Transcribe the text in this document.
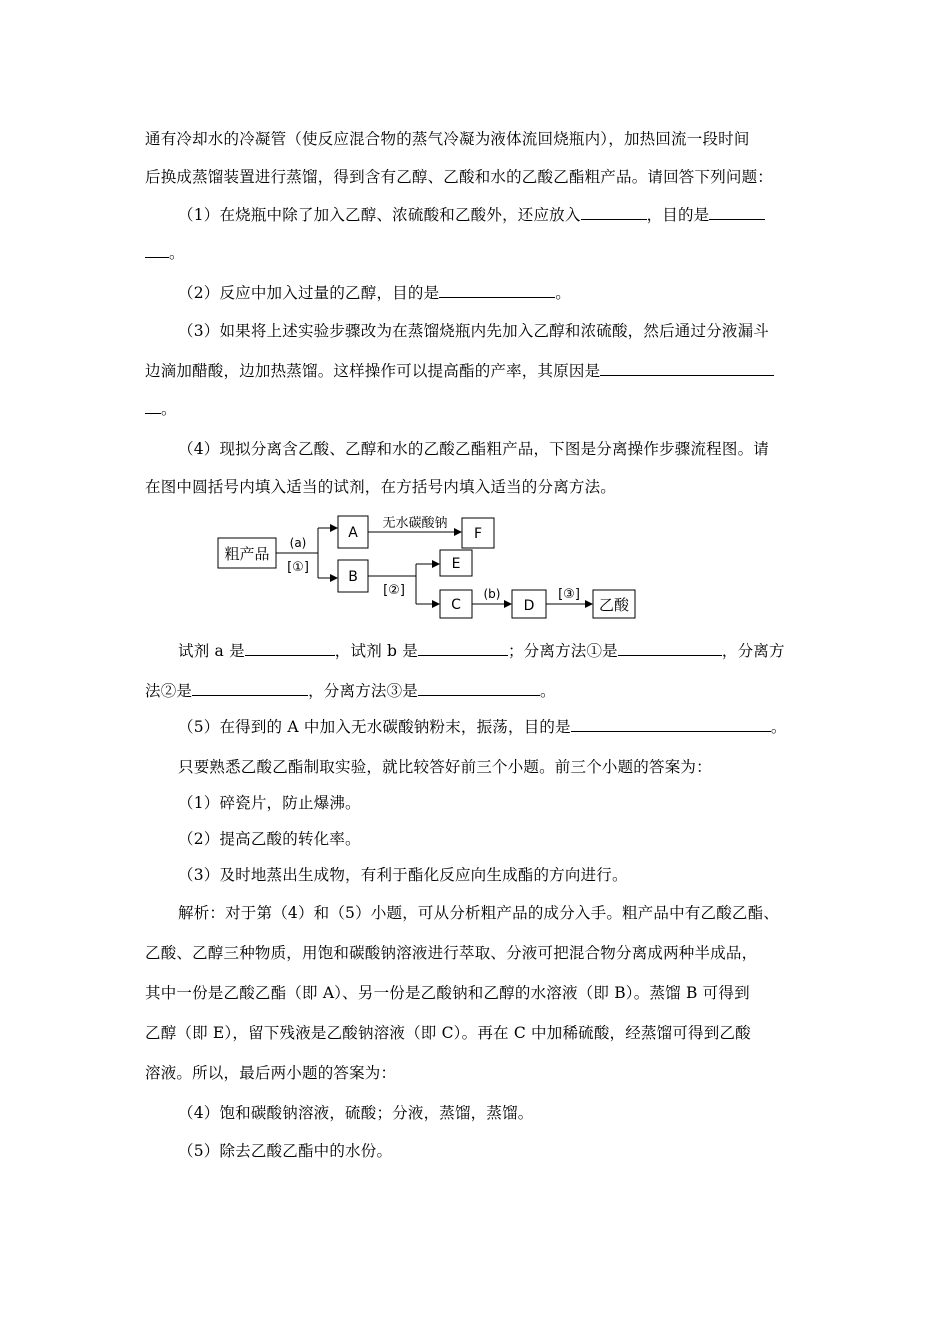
通有冷却水的冷凝管（使反应混合物的蒸气冷凝为液体流回烧瓶内），加热回流一段时间
后换成蒸馏装置进行蒸馏，得到含有乙醇、乙酸和水的乙酸乙酯粗产品。请回答下列问题：
（1）在烧瓶中除了加入乙醇、浓硫酸和乙酸外，还应放入	，目的是
。
（2）反应中加入过量的乙醇，目的是	。
（3）如果将上述实验步骤改为在蒸馏烧瓶内先加入乙醇和浓硫酸，然后通过分液漏斗
边滴加醋酸，边加热蒸馏。这样操作可以提高酯的产率，其原因是
。
（4）现拟分离含乙酸、乙醇和水的乙酸乙酯粗产品，下图是分离操作步骤流程图。请
在图中圆括号内填入适当的试剂，在方括号内填入适当的分离方法。
粗产品
(a)
[①]
A
无水碳酸钠
F
B
[②]
E
C
(b)
D
[③]
乙酸
试剂 a 是	，试剂 b 是	；分离方法①是	，分离方
法②是	，分离方法③是	。
（5）在得到的 A 中加入无水碳酸钠粉末，振荡，目的是	。
只要熟悉乙酸乙酯制取实验，就比较答好前三个小题。前三个小题的答案为：
（1）碎瓷片，防止爆沸。
（2）提高乙酸的转化率。
（3）及时地蒸出生成物，有利于酯化反应向生成酯的方向进行。
解析：对于第（4）和（5）小题，可从分析粗产品的成分入手。粗产品中有乙酸乙酯、
乙酸、乙醇三种物质，用饱和碳酸钠溶液进行萃取、分液可把混合物分离成两种半成品，
其中一份是乙酸乙酯（即 A）、另一份是乙酸钠和乙醇的水溶液（即 B）。蒸馏 B 可得到
乙醇（即 E），留下残液是乙酸钠溶液（即 C）。再在 C 中加稀硫酸，经蒸馏可得到乙酸
溶液。所以，最后两小题的答案为：
（4）饱和碳酸钠溶液，硫酸；分液，蒸馏，蒸馏。
（5）除去乙酸乙酯中的水份。
